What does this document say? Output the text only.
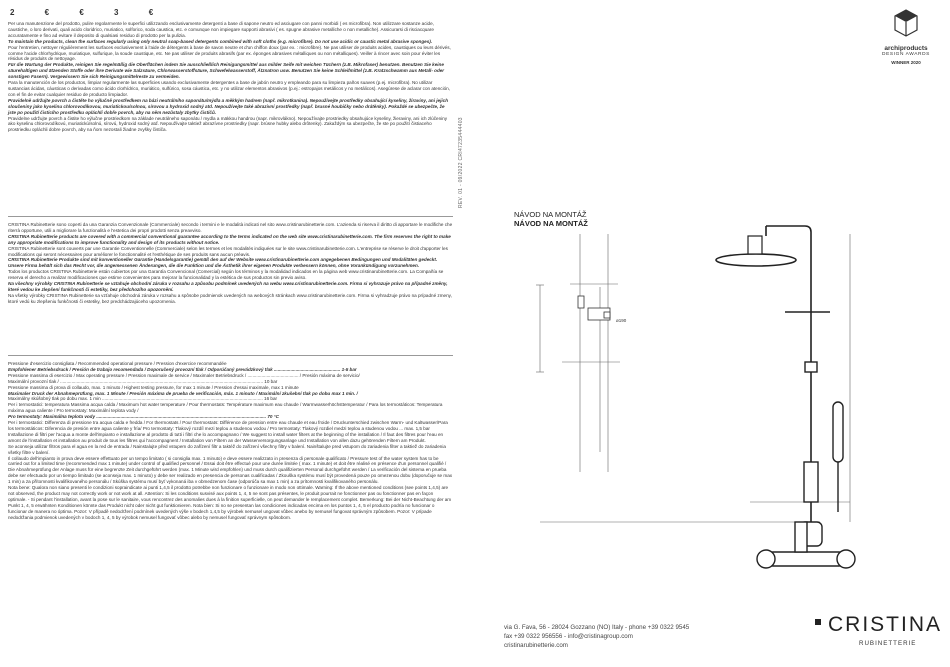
2 € € 3 €

Per una manutenzione del prodotto, pulire regolarmente le superfici utilizzando esclusivamente detergenti a base di sapone neutro ed asciugare con panni morbidi ( es microfibra). Non utilizzare sostanze acide, caustiche, o loro derivati, quali acido cloridrico, muriatico, solforico, soda caustica, etc. e comunque non impiegare supporti abrasivi ( es. spugne abrasive metalliche o non metalliche). Assicurarsi di risciacquare accuratamente e fino ad evitare il deposito di qualsiasi residuo di prodotto per la pulizia.

To maintain the products, clean the surfaces regularly using only neutral soap-based detergents combined with soft cloths (e.g. microfibre). Do not use acidic or caustic metal abrasive sponges).

Pour l'entretien, nettoyer régulièrement les surfaces exclusivement à l'aide de détergents à base de savon neutre et d'un chiffon doux (par ex. : microfibre). Ne pas utiliser de produits acides, caustiques ou leurs dérivés, comme l'acide chlorhydrique, muriatique, sulfurique, la soude caustique, etc. Ne pas utiliser de produits abrasifs (par ex. éponges abrasives métalliques ou non métalliques). Veiller à rincer avec soin pour éviter les résidus de produits de nettoyage.

Für die Wartung der Produkte, reinigen Sie regelmäßig die Oberflächen indem Sie ausschließlich Reinigungsmittel aus milder Seife mit weichen Tüchern (z.B. Mikrofaser) benutzen. Benutzen Sie keine säurehaltigen und ätzenden Stoffe oder ihre Derivate wie Salzsäure, Chlorwasserstoffsäure, Schwefelwasserstoff, Ätznatron usw. Benutzen Sie keine Schleifmittel (z.B. Kratzschwamm aus Metall- oder sonstigen Fasern). Vergewissern Sie sich Reinigungsmittelreste zu vermeiden.

Para la manutención de los productos, limpiar regularmente las superficies usando exclusivamente detergentes a base de jabón neutro y empleando para su limpieza paños suaves (p.ej. microfibra). No utilizar sustancias ácidas, cáusticas o derivadas como ácido clorhídrico, muriático, sulfúrico, sosa cáustica, etc. y no utilizar elementos abrasivos (p.ej.: estropajos metálicos y no metálicos). Asegúrese de aclarar con atención, con el fin de evitar cualquier residuo de producto limpiador.

Pravidelně udržujte povrch a čistěte ho výlučně prostředkem na bázi neutrálního saponátu/mýdla a měkkým hadrem (např. mikrotkanina). Nepoužívejte prostředky obsahující kyseliny, žíraviny, ani jejich sloučeniny jako kyselinu chlorovodíkovou, muriatickou/solnou, sírovou a hydroxid sodný atd. Nepoužívejte také abrazivní prostředky (např. brusné houbičky nebo drátěnky). Pokaždé se ubezpečte, že jste po použití čisticího prostředku opláchli dobře povrch, aby na něm nezůstaly zbytky čističů.

Pravidelne udržujte povrch a čistite ho výlučne prostriedkom na základe neutrálneho saponátu / mydla a mäkkou handrou (napr. mikrovlákno). Nepoužívajte prostriedky obsahujúce kyseliny, žieraviny, ani ich zlúčeniny ako kyselinu chlorovodíkovú, muriatickú/solnú, sírovú, hydroxid sodný atď. Nepoužívajte taktiež abrazívne prostriedky (napr. brúsne hubky alebo drôtenky). Zakaždým sa ubezpečte, že ste po použití čistiaceho prostriedku opláchli dobre povrch, aby na ňom nezostali žiadne zvyšky čističa.

CRISTINA Rubinetterie sono coperti da una Garanzia Convenzionale (Commerciale) secondo i termini e le modalità indicati nel sito www.cristinarubinetterie.com. L'azienda si riserva il diritto di apportare le modifiche che riterrà opportune, utili a migliorare la funzionalità e l'estetica dei propri prodotti senza preavviso.

CRISTINA Rubinetterie products are covered with a commercial conventional guarantee according to the terms indicated on the web site www.cristinarubinetterie.com. The firm reserves the right to make any appropriate modifications to improve functionality and design of its products without notice.

CRISTINA Rubinetterie sont couverts par une Garantie Conventionnelle (Commerciale) selon les termes et les modalités indiquées sur le site www.cristinarubinetterie.com. L'entreprise se réserve le droit d'apporter les modifications qui seront nécessaires pour améliorer le fonctionnalité et l'esthétique de ses produits sans aucun préavis.

CRISTINA Rubinetterie Produkte sind mit konventioneller Garantie (Handelsgarantie) gemäß den auf der Website www.cristinarubinetterie.com angegebenen Bedingungen und Modalitäten gedeckt. Unsere Firma behält sich das Recht vor, die angemessenen Änderungen, die die Funktion und die Ästhetik ihrer eigenen Produkte verbessern können, ohne Vorankündigung vorzunehmen.

Todos los productos CRISTINA Rubinetterie están cubiertos por una Garantía Convencional (Comercial) según los términos y la modalidad indicados en la página web www.cristinarubinetterie.com. La Compañía se reserva el derecho a realizar modificaciones que estime convenientes para mejorar la funcionalidad y la estética de sus productos sin previo aviso.

Na všechny výrobky CRISTINA Rubinetterie se vztahuje obchodní záruka v rozsahu a způsobu podmínek uvedených na webu www.cristinarubinetterie.com. Firma si vyhrazuje právo na případné změny, které vedou ke zlepšení funkčnosti či estetiky, bez předchozího upozornění.

Na všetky výrobky CRISTINA Rubinetterie sa vzťahuje obchodná záruka v rozsahu a spôsobe podmienok uvedených na webových stránkach www.cristinarubinetterie.com. Firma si vyhradzuje právo na prípadné zmeny, ktoré vedú ku zlepšeniu funkčnosti či estetiky, bez predchádzajúceho upozornenia.

Pressione d'esercizio consigliata / Recommended operational pressure / Pression d'exercice recommandée

Empfohlener Betriebsdruck / Presión de trabajo recomendada / Doporučený provozní tlak / Odporúčaný prevádzkový tlak .................................................... 1-5 bar

Pressione massima di esercizio / Max operating pressure / Pression maximale de service / Maximaler Betriebsdruck / ........................................ / Presión máxima de servicio/

Maximální provozní tlak / ............................................................................................................................................................... 10 bar

Pressione massima di prova di collaudo, max. 1 minuto / Highest testing pressure, for max 1 minute / Pression d'essai maximale, max 1 minute

Maximaler Druck der Abnahmeprüfung, max. 1 Minute / Presión máxima de prueba de verificación, máx. 1 minuto / Maximální zkušební tlak po dobu max 1 min. /

Maximálny skúšobný tlak po dobu max. 1 min .............................................................................................................................. 16 bar

Per i termostatici: temperatura Massima acqua calda / Maximum hot water temperature / Pour thermostats: Température maximum eau chaude / Warmwasserhöchsttemperatur / Para los termostáticos: Temperatura máxima agua caliente / Pro termostaty: Maximální teplota vody /

Pro termostaty: Maximálna teplota vody ..................................................................................................................................... 70 °C

Per i termostatici: Differenza di pressione tra acqua calda e fredda / For thermostats / Pour thermostats: Différence de pression entre eau chaude et eau froide / Druckunterschied zwischen Warm- und Kaltwasser/Para los termostáticos: Diferencia de presión entre agua caliente y fría/ Pro termostaty: Tlakový rozdíl mezi teplou a studenou vodou / Pro termostaty: Tlakový rozdiel medzi teplou a studenou vodou ... max. 1,5 bar

Installazione di filtri per l'acqua a monte dell'impianto e installazione al prodotto di tutti i filtri che lo accompagnano / We suggest to install water filters at the beginning of the installation / Il faut des filtres pour l'eau en amont de l'installation et installation au produit de tous les filtres qui l'accompagnent / Installation von Filtern an der Wasserversorgungsanlage und Installation von allen dazu gehörenden Filtern am Produkt.

Se aconseja utilizar filtros para el agua en la red de entrada / Nainstalujte před vstupem do zařízení filtr a taktéž do zařízení všechny filtry v balení. Nainštalujte pred vstupom do zariadenia filter a taktiež do zariadenia všetky filtre v balení.

Il collaudo dell'impianto in prova deve essere effettuato per un tempo limitato ( si consiglia max. 1 minuto) e deve essere realizzato in presenza di personale qualificato / Pressure test of the water system has to be carried out for a limited time (recommended max 1 minute) under control of qualified personnel / Essai doit être effectué pour une durée limitée ( max. 1 minute) et doit être réalisé en présence d'un personnel qualifié / Die Abnahmeprüfung der Anlage muss für eine begrenzte Zeit durchgeführt werden (max. 1 Minute wird empfohlen) und muss durch qualifizierten Personal durchgeführt werden / La verificación del sistema en prueba debe ser efectuado por un tiempo limitado (se aconseja max. 1 minuto) y debe ser realizado en presencia de personas cualificadas / Zkouška systému musí být provedená pouze po omezenou dobu (doporučuje se max 1 min) a za přítomnosti kvalifikovaného personálu / Skúška systému musí byť vykonaná iba v obmedzenom čase (odporúča sa max 1 min) a za prítomnosti kvalifikovaného personálu.

Nota bene: Qualora non siano presenti le condizioni sopraindicate ai punti 1,4,5 il prodotto potrebbe non funzionare o funzionare in modo non ottimale. Warning: If the above mentioned conditions (see points 1,4,5) are not observed, the product may not correctly work or not work at all. Attention: Si les conditions susvisé aux points 1, 4, 5 ne sont pas présentes, le produit pourrait ne fonctionner pas ou fonctionner pas en façon optimale. - Si pendant l'installation, avant la pose sur le sanitaire, vous rencontrez des anomalies dues à la finition superficielle, on peut demander le remplacement complet. Bemerkung: Bei der Nicht-Beachtung der am Punkt 1, 4, 5 erwähnten Konditionen könnte das Produkt nicht oder nicht gut funktionieren. Nota bien: Si no se presentan las condiciones indicadas encima en los puntos 1, 4, 5 el producto podría no funcionar o funcionar de manera no óptima. Pozor: V případě nedodržení podmínek uvedených výše v bodech 1,4,5 by výrobek nemusel ungovat vůbec anebo by nemusel fungovat správným způsobem. Pozor: V prípade nedodržania podmienok uvedených v bodoch 1, 4, 5 by výrobok nemusel fungovať vôbec alebo by nemusel fungovať správnym spôsobom.

REV. 01 - 09/2022 CRI47235444403
archiproducts
DESIGN AWARDS
WINNER 2020
NÁVOD NA MONTÁŽ
NÁVOD NA MONTÁŽ
ø190
via G. Fava, 56 - 28024 Gozzano (NO) Italy - phone +39 0322 9545
fax +39 0322 956556 - info@cristinagroup.com
cristinarubinetterie.com
CRISTINA
RUBINETTERIE
